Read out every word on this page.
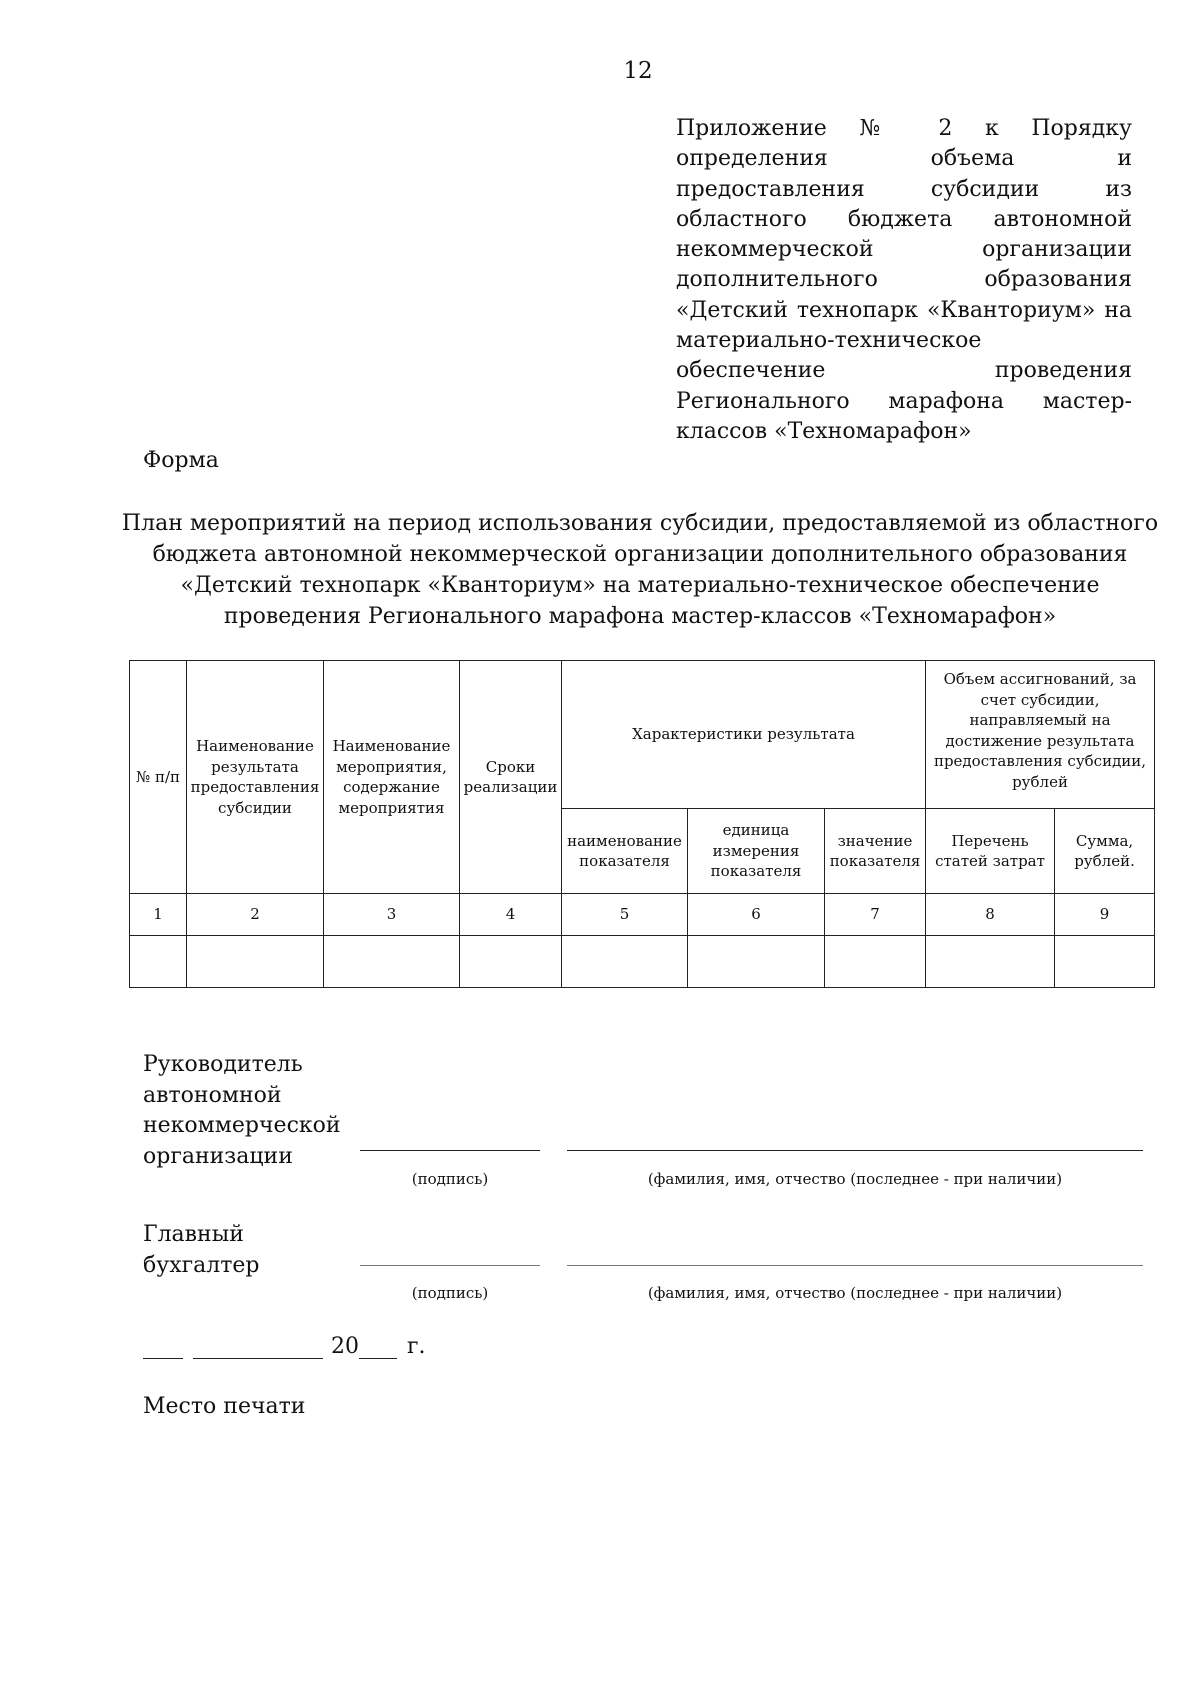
12
Приложение № 2 к Порядку определения объема и предоставления субсидии из областного бюджета автономной некоммерческой организации дополнительного образования «Детский технопарк «Кванториум» на материально-техническое обеспечение проведения Регионального марафона мастер-классов «Техномарафон»
Форма
План мероприятий на период использования субсидии, предоставляемой из областного бюджета автономной некоммерческой организации дополнительного образования «Детский технопарк «Кванториум» на материально-техническое обеспечение проведения Регионального марафона мастер-классов «Техномарафон»
№ п/п	Наименование результата предоставления субсидии	Наименование мероприятия, содержание мероприятия	Сроки реализации	Характеристики результата			Объем ассигнований, за счет субсидии, направляемый на достижение результата предоставления субсидии, рублей	
				наименование показателя	единица измерения показателя	значение показателя	Перечень статей затрат	Сумма, рублей.
1	2	3	4	5	6	7	8	9

Руководитель
автономной
некоммерческой
организации
(подпись)	(фамилия, имя, отчество (последнее - при наличии)
Главный
бухгалтер
(подпись)	(фамилия, имя, отчество (последнее - при наличии)
20 г.
Место печати
